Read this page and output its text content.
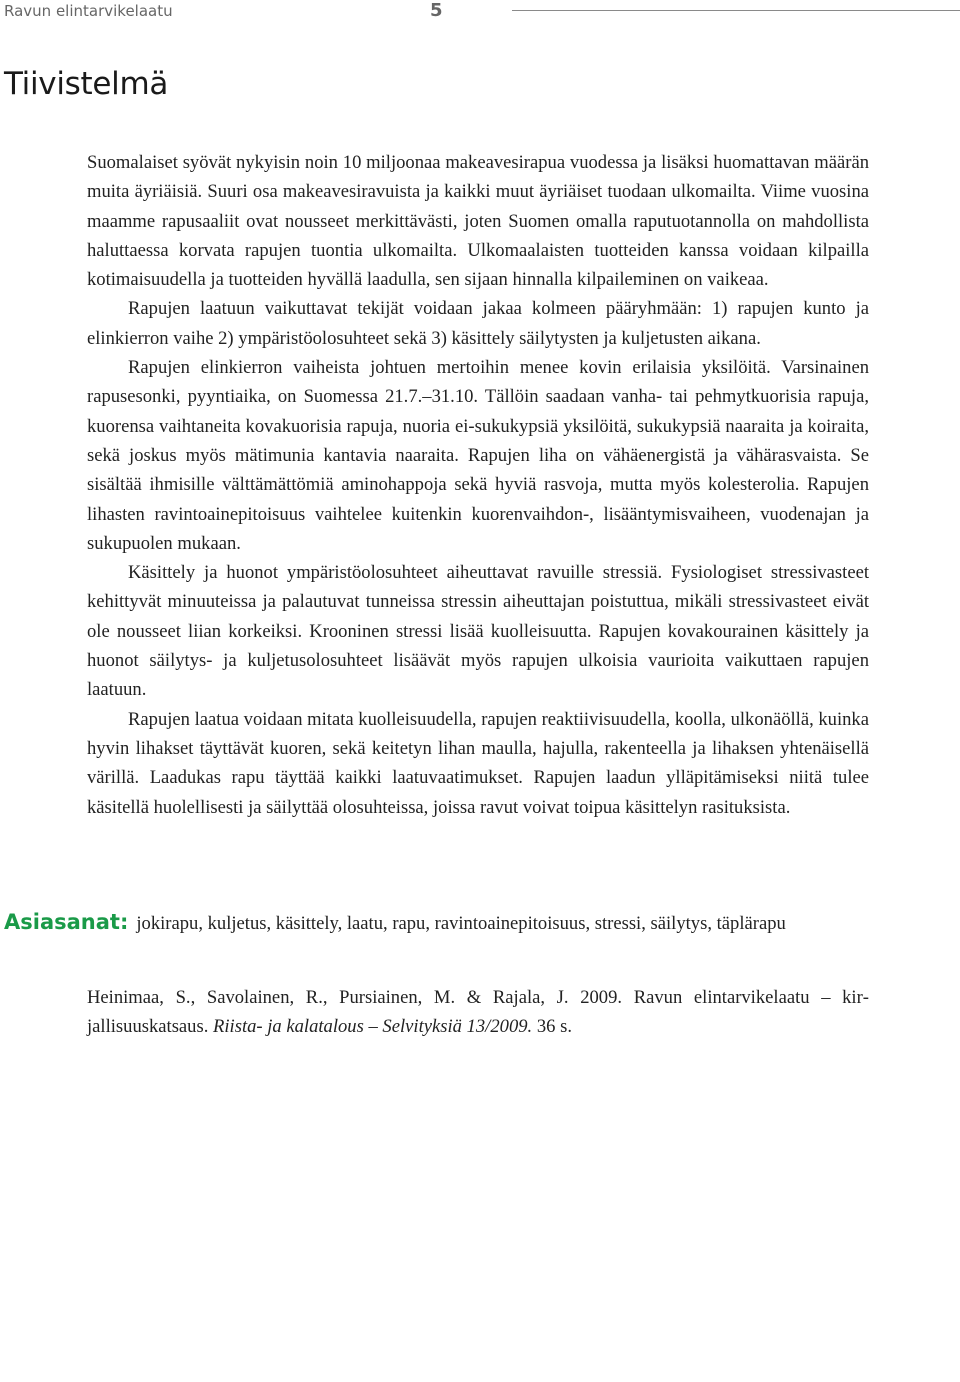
Ravun elintarvikelaatu	5
Tiivistelmä

Suomalaiset syövät nykyisin noin 10 miljoonaa makeavesirapua vuodessa ja lisäksi huomattavan määrän muita äyriäisiä. Suuri osa makeavesiravuista ja kaikki muut äyriäiset tuodaan ulkomailta. Viime vuosina maamme rapusaaliit ovat nousseet merkittävästi, joten Suomen omalla raputuotannolla on mahdollista haluttaessa korvata rapujen tuontia ulkomailta. Ulkomaalaisten tuotteiden kanssa voidaan kilpailla kotimaisuudella ja tuotteiden hyvällä laadulla, sen sijaan hinnalla kilpaileminen on vaikeaa.

Rapujen laatuun vaikuttavat tekijät voidaan jakaa kolmeen pääryhmään: 1) rapujen kunto ja elinkierron vaihe 2) ympäristöolosuhteet sekä 3) käsittely säilytysten ja kuljetusten aikana.

Rapujen elinkierron vaiheista johtuen mertoihin menee kovin erilaisia yksilöitä. Varsinainen rapusesonki, pyyntiaika, on Suomessa 21.7.–31.10. Tällöin saadaan vanha- tai pehmytkuorisia rapuja, kuorensa vaihtaneita kovakuorisia rapuja, nuoria ei-sukukypsiä yksilöitä, sukukypsiä naaraita ja koiraita, sekä joskus myös mätimunia kantavia naaraita. Rapujen liha on vähäenergistä ja vähärasvaista. Se sisältää ihmisille välttämättömiä aminohappoja sekä hyviä rasvoja, mutta myös kolesterolia. Rapujen lihasten ravintoainepitoisuus vaihtelee kuitenkin kuorenvaihdon-, lisääntymisvaiheen, vuodenajan ja sukupuolen mukaan.

Käsittely ja huonot ympäristöolosuhteet aiheuttavat ravuille stressiä. Fysiologiset stressivasteet kehittyvät minuuteissa ja palautuvat tunneissa stressin aiheuttajan poistuttua, mikäli stressivasteet eivät ole nousseet liian korkeiksi. Krooninen stressi lisää kuolleisuutta. Rapujen kovakourainen käsittely ja huonot säilytys- ja kuljetusolosuhteet lisäävät myös rapujen ulkoisia vaurioita vaikuttaen rapujen laatuun.

Rapujen laatua voidaan mitata kuolleisuudella, rapujen reaktiivisuudella, koolla, ulkonäöllä, kuinka hyvin lihakset täyttävät kuoren, sekä keitetyn lihan maulla, hajulla, rakenteella ja lihaksen yhtenäisellä värillä. Laadukas rapu täyttää kaikki laatuvaatimukset. Rapujen laadun ylläpitämiseksi niitä tulee käsitellä huolellisesti ja säilyttää olosuhteissa, joissa ravut voivat toipua käsittelyn rasituksista.

Asiasanat: jokirapu, kuljetus, käsittely, laatu, rapu, ravintoainepitoisuus, stressi, säilytys, täplärapu

Heinimaa, S., Savolainen, R., Pursiainen, M. & Rajala, J. 2009. Ravun elintarvikelaatu – kirjallisuuskatsaus. Riista- ja kalatalous – Selvityksiä 13/2009. 36 s.
